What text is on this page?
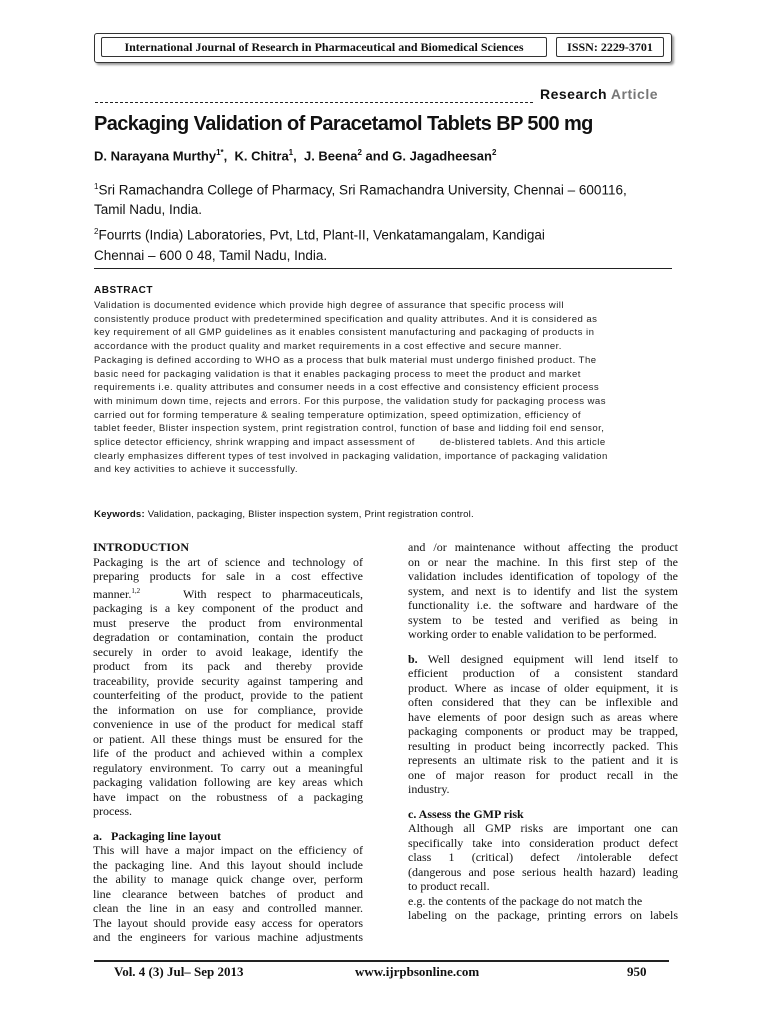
International Journal of Research in Pharmaceutical and Biomedical Sciences	ISSN: 2229-3701
Research Article
Packaging Validation of Paracetamol Tablets BP 500 mg
D. Narayana Murthy$^{1*}$,  K. Chitra$^1$,  J. Beena$^2$ and G. Jagadheesan$^2$
$^1$Sri Ramachandra College of Pharmacy, Sri Ramachandra University, Chennai – 600116,
Tamil Nadu, India.
$^2$Fourrts (India) Laboratories, Pvt, Ltd, Plant-II, Venkatamangalam, Kandigai
Chennai – 600 0 48, Tamil Nadu, India.
ABSTRACT
Validation is documented evidence which provide high degree of assurance that specific process will
consistently produce product with predetermined specification and quality attributes. And it is considered as
key requirement of all GMP guidelines as it enables consistent manufacturing and packaging of products in
accordance with the product quality and market requirements in a cost effective and secure manner.
Packaging is defined according to WHO as a process that bulk material must undergo finished product. The
basic need for packaging validation is that it enables packaging process to meet the product and market
requirements i.e. quality attributes and consumer needs in a cost effective and consistency efficient process
with minimum down time, rejects and errors. For this purpose, the validation study for packaging process was
carried out for forming temperature & sealing temperature optimization, speed optimization, efficiency of
tablet feeder, Blister inspection system, print registration control, function of base and lidding foil end sensor,
splice detector efficiency, shrink wrapping and impact assessment of        de-blistered tablets. And this article
clearly emphasizes different types of test involved in packaging validation, importance of packaging validation
and key activities to achieve it successfully.
Keywords: Validation, packaging, Blister inspection system, Print registration control.
INTRODUCTION
Packaging is the art of science and technology of
preparing products for sale in a cost effective
manner.$^{1,2}$	With respect to pharmaceuticals,
packaging is a key component of the product and
must preserve the product from environmental
degradation or contamination, contain the product
securely in order to avoid leakage, identify the
product from its pack and thereby provide
traceability, provide security against tampering and
counterfeiting of the product, provide to the patient
the information on use for compliance, provide
convenience in use of the product for medical staff
or patient. All these things must be ensured for the
life of the product and achieved within a complex
regulatory environment. To carry out a meaningful
packaging validation following are key areas which
have impact on the robustness of a packaging
process.
a.   Packaging line layout
This will have a major impact on the efficiency of
the packaging line. And this layout should include
the ability to manage quick change over, perform
line clearance between batches of product and
clean the line in an easy and controlled manner.
The layout should provide easy access for operators
and the engineers for various machine adjustments
and /or maintenance without affecting the product
on or near the machine. In this first step of the
validation includes identification of topology of the
system, and next is to identify and list the system
functionality i.e. the software and hardware of the
system to be tested and verified as being in
working order to enable validation to be performed.
b. Well designed equipment will lend itself to
efficient production of a consistent standard
product. Where as incase of older equipment, it is
often considered that they can be inflexible and
have elements of poor design such as areas where
packaging components or product may be trapped,
resulting in product being incorrectly packed. This
represents an ultimate risk to the patient and it is
one of major reason for product recall in the
industry.
c. Assess the GMP risk
Although all GMP risks are important one can
specifically take into consideration product defect
class 1 (critical) defect /intolerable defect
(dangerous and pose serious health hazard) leading
to product recall.
e.g. the contents of the package do not match the
labeling on the package, printing errors on labels
Vol. 4 (3) Jul– Sep 2013	www.ijrpbsonline.com	950
